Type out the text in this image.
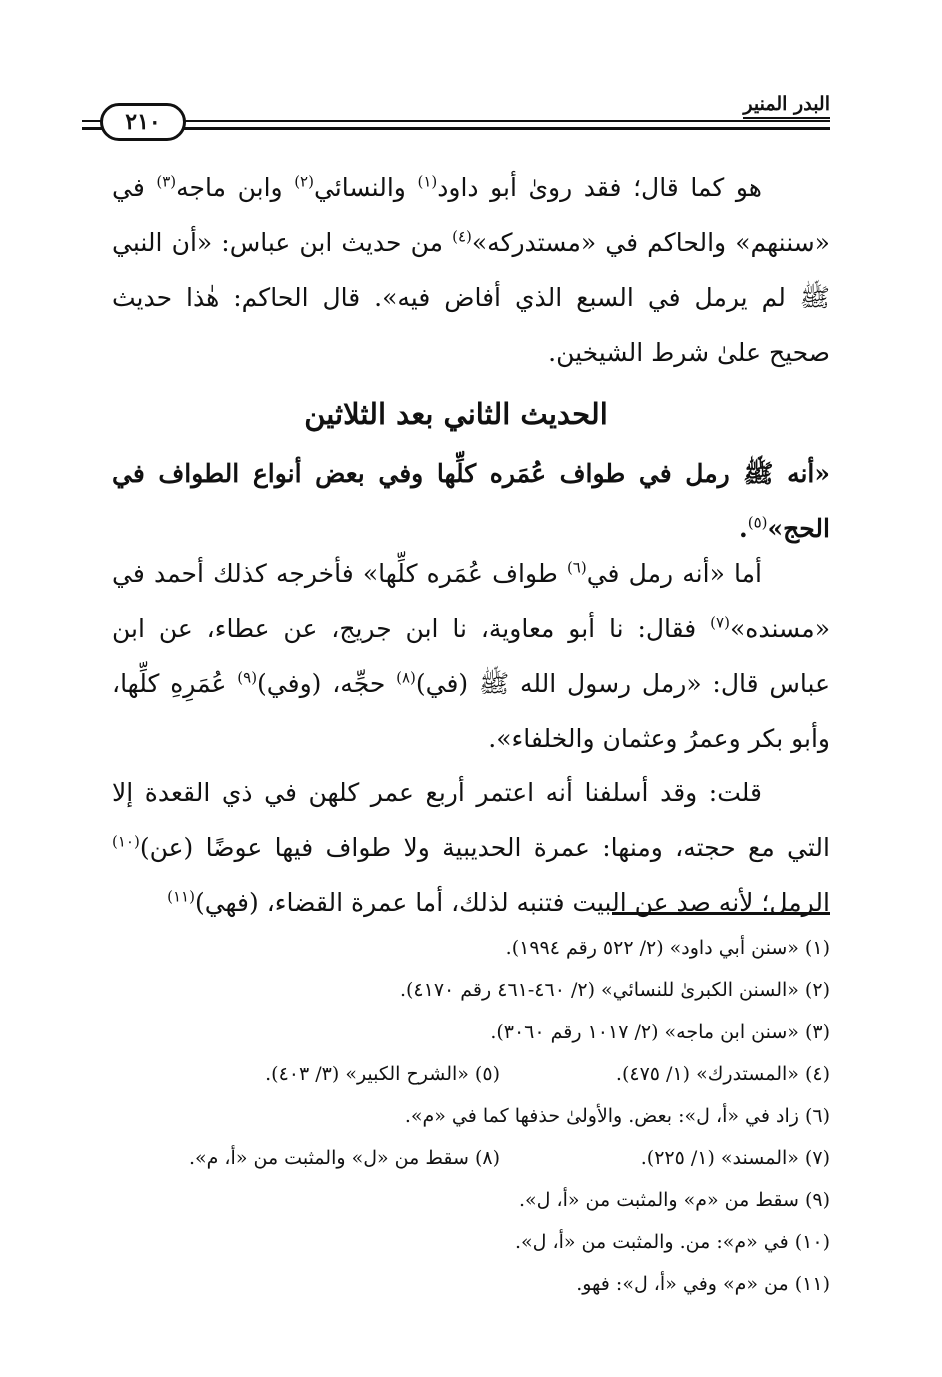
البدر المنير
٢١٠

هو كما قال؛ فقد روىٰ أبو داود$^{(١)}$ والنسائي$^{(٢)}$ وابن ماجه$^{(٣)}$ في «سننهم» والحاكم في «مستدركه»$^{(٤)}$ من حديث ابن عباس: «أن النبي ﷺ لم يرمل في السبع الذي أفاض فيه». قال الحاكم: هٰذا حديث صحيح علىٰ شرط الشيخين.

الحديث الثاني بعد الثلاثين

«أنه ﷺ رمل في طواف عُمَره كلِّها وفي بعض أنواع الطواف في الحج»$^{(٥)}$.

أما «أنه رمل في$^{(٦)}$ طواف عُمَره كلِّها» فأخرجه كذلك أحمد في «مسنده»$^{(٧)}$ فقال: نا أبو معاوية، نا ابن جريج، عن عطاء، عن ابن عباس قال: «رمل رسول الله ﷺ (في)$^{(٨)}$ حجِّه، (وفي)$^{(٩)}$ عُمَرِهِ كلِّها، وأبو بكر وعمرُ وعثمان والخلفاء».

قلت: وقد أسلفنا أنه اعتمر أربع عمر كلهن في ذي القعدة إلا التي مع حجته، ومنها: عمرة الحديبية ولا طواف فيها عوضًا (عن)$^{(١٠)}$ الرمل؛ لأنه صد عن البيت فتنبه لذلك، أما عمرة القضاء، (فهي)$^{(١١)}$

(١) «سنن أبي داود» (٢/ ٥٢٢ رقم ١٩٩٤).
(٢) «السنن الكبرىٰ للنسائي» (٢/ ٤٦٠-٤٦١ رقم ٤١٧٠).
(٣) «سنن ابن ماجه» (٢/ ١٠١٧ رقم ٣٠٦٠).
(٤) «المستدرك» (١/ ٤٧٥).
(٥) «الشرح الكبير» (٣/ ٤٠٣).
(٦) زاد في «أ، ل»: بعض. والأولىٰ حذفها كما في «م».
(٧) «المسند» (١/ ٢٢٥).
(٨) سقط من «ل» والمثبت من «أ، م».
(٩) سقط من «م» والمثبت من «أ، ل».
(١٠) في «م»: من. والمثبت من «أ، ل».
(١١) من «م» وفي «أ، ل»: فهو.
